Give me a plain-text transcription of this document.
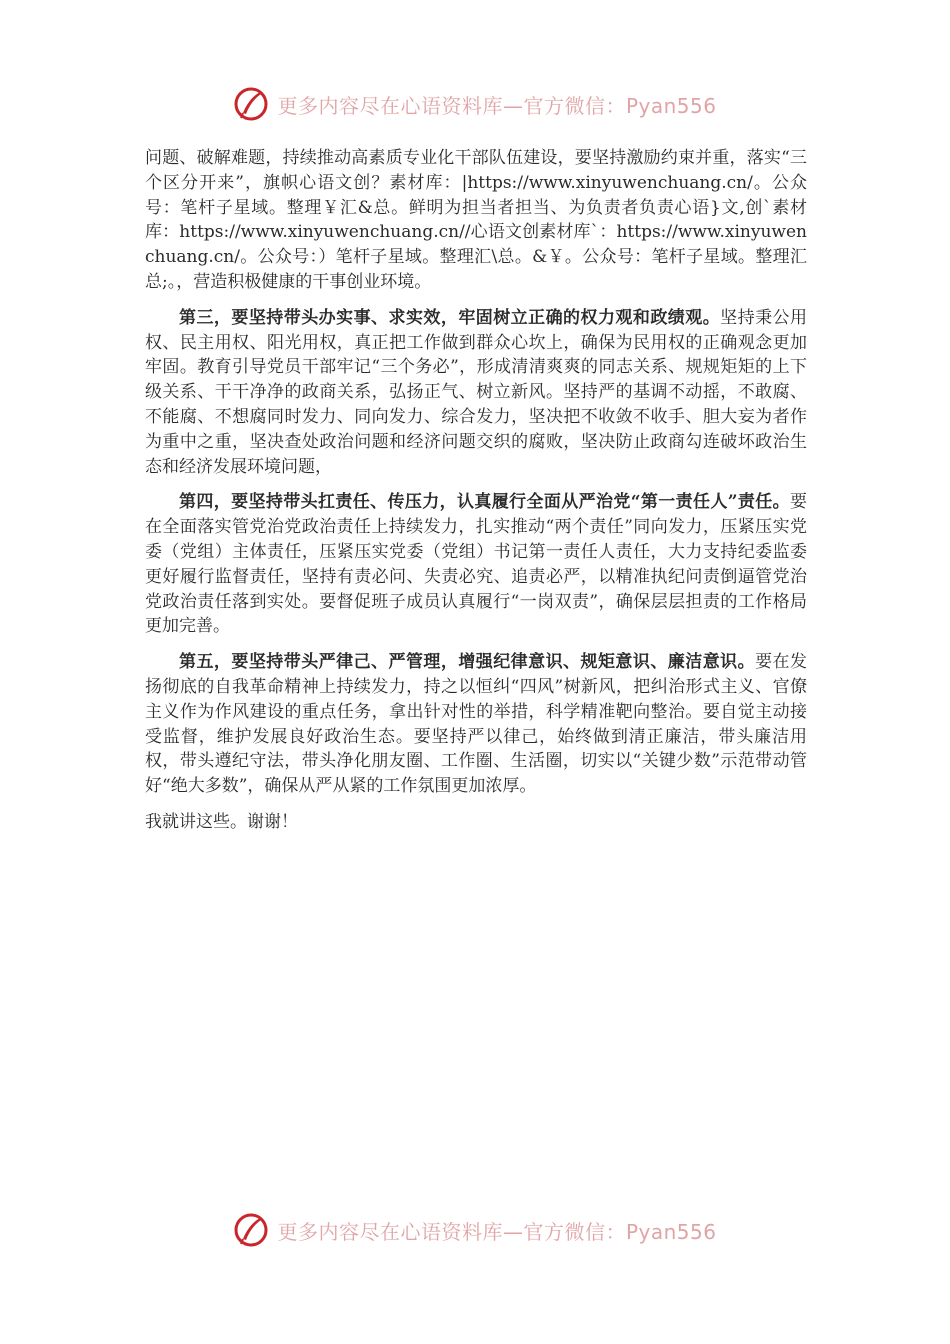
更多内容尽在心语资料库—官方微信：Pyan556

问题、破解难题，持续推动高素质专业化干部队伍建设，要坚持激励约束并重，落实“三个区分开来”，旗帜心语文创？素材库：|https://www.xinyuwenchuang.cn/。公众号：笔杆子星域。整理￥汇&总。鲜明为担当者担当、为负责者负责心语}文,创`素材库：https://www.xinyuwenchuang.cn//心语文创素材库`：https://www.xinyuwenchuang.cn/。公众号：）笔杆子星域。整理汇\总。&￥。公众号：笔杆子星域。整理汇总;。，营造积极健康的干事创业环境。

第三，要坚持带头办实事、求实效，牢固树立正确的权力观和政绩观。坚持秉公用权、民主用权、阳光用权，真正把工作做到群众心坎上，确保为民用权的正确观念更加牢固。教育引导党员干部牢记“三个务必”，形成清清爽爽的同志关系、规规矩矩的上下级关系、干干净净的政商关系，弘扬正气、树立新风。坚持严的基调不动摇，不敢腐、不能腐、不想腐同时发力、同向发力、综合发力，坚决把不收敛不收手、胆大妄为者作为重中之重，坚决查处政治问题和经济问题交织的腐败，坚决防止政商勾连破坏政治生态和经济发展环境问题，

第四，要坚持带头扛责任、传压力，认真履行全面从严治党“第一责任人”责任。要在全面落实管党治党政治责任上持续发力，扎实推动“两个责任”同向发力，压紧压实党委（党组）主体责任，压紧压实党委（党组）书记第一责任人责任，大力支持纪委监委更好履行监督责任，坚持有责必问、失责必究、追责必严，以精准执纪问责倒逼管党治党政治责任落到实处。要督促班子成员认真履行“一岗双责”，确保层层担责的工作格局更加完善。

第五，要坚持带头严律己、严管理，增强纪律意识、规矩意识、廉洁意识。要在发扬彻底的自我革命精神上持续发力，持之以恒纠“四风”树新风，把纠治形式主义、官僚主义作为作风建设的重点任务，拿出针对性的举措，科学精准靶向整治。要自觉主动接受监督，维护发展良好政治生态。要坚持严以律己，始终做到清正廉洁，带头廉洁用权，带头遵纪守法，带头净化朋友圈、工作圈、生活圈，切实以“关键少数”示范带动管好“绝大多数”，确保从严从紧的工作氛围更加浓厚。

我就讲这些。谢谢！

更多内容尽在心语资料库—官方微信：Pyan556
